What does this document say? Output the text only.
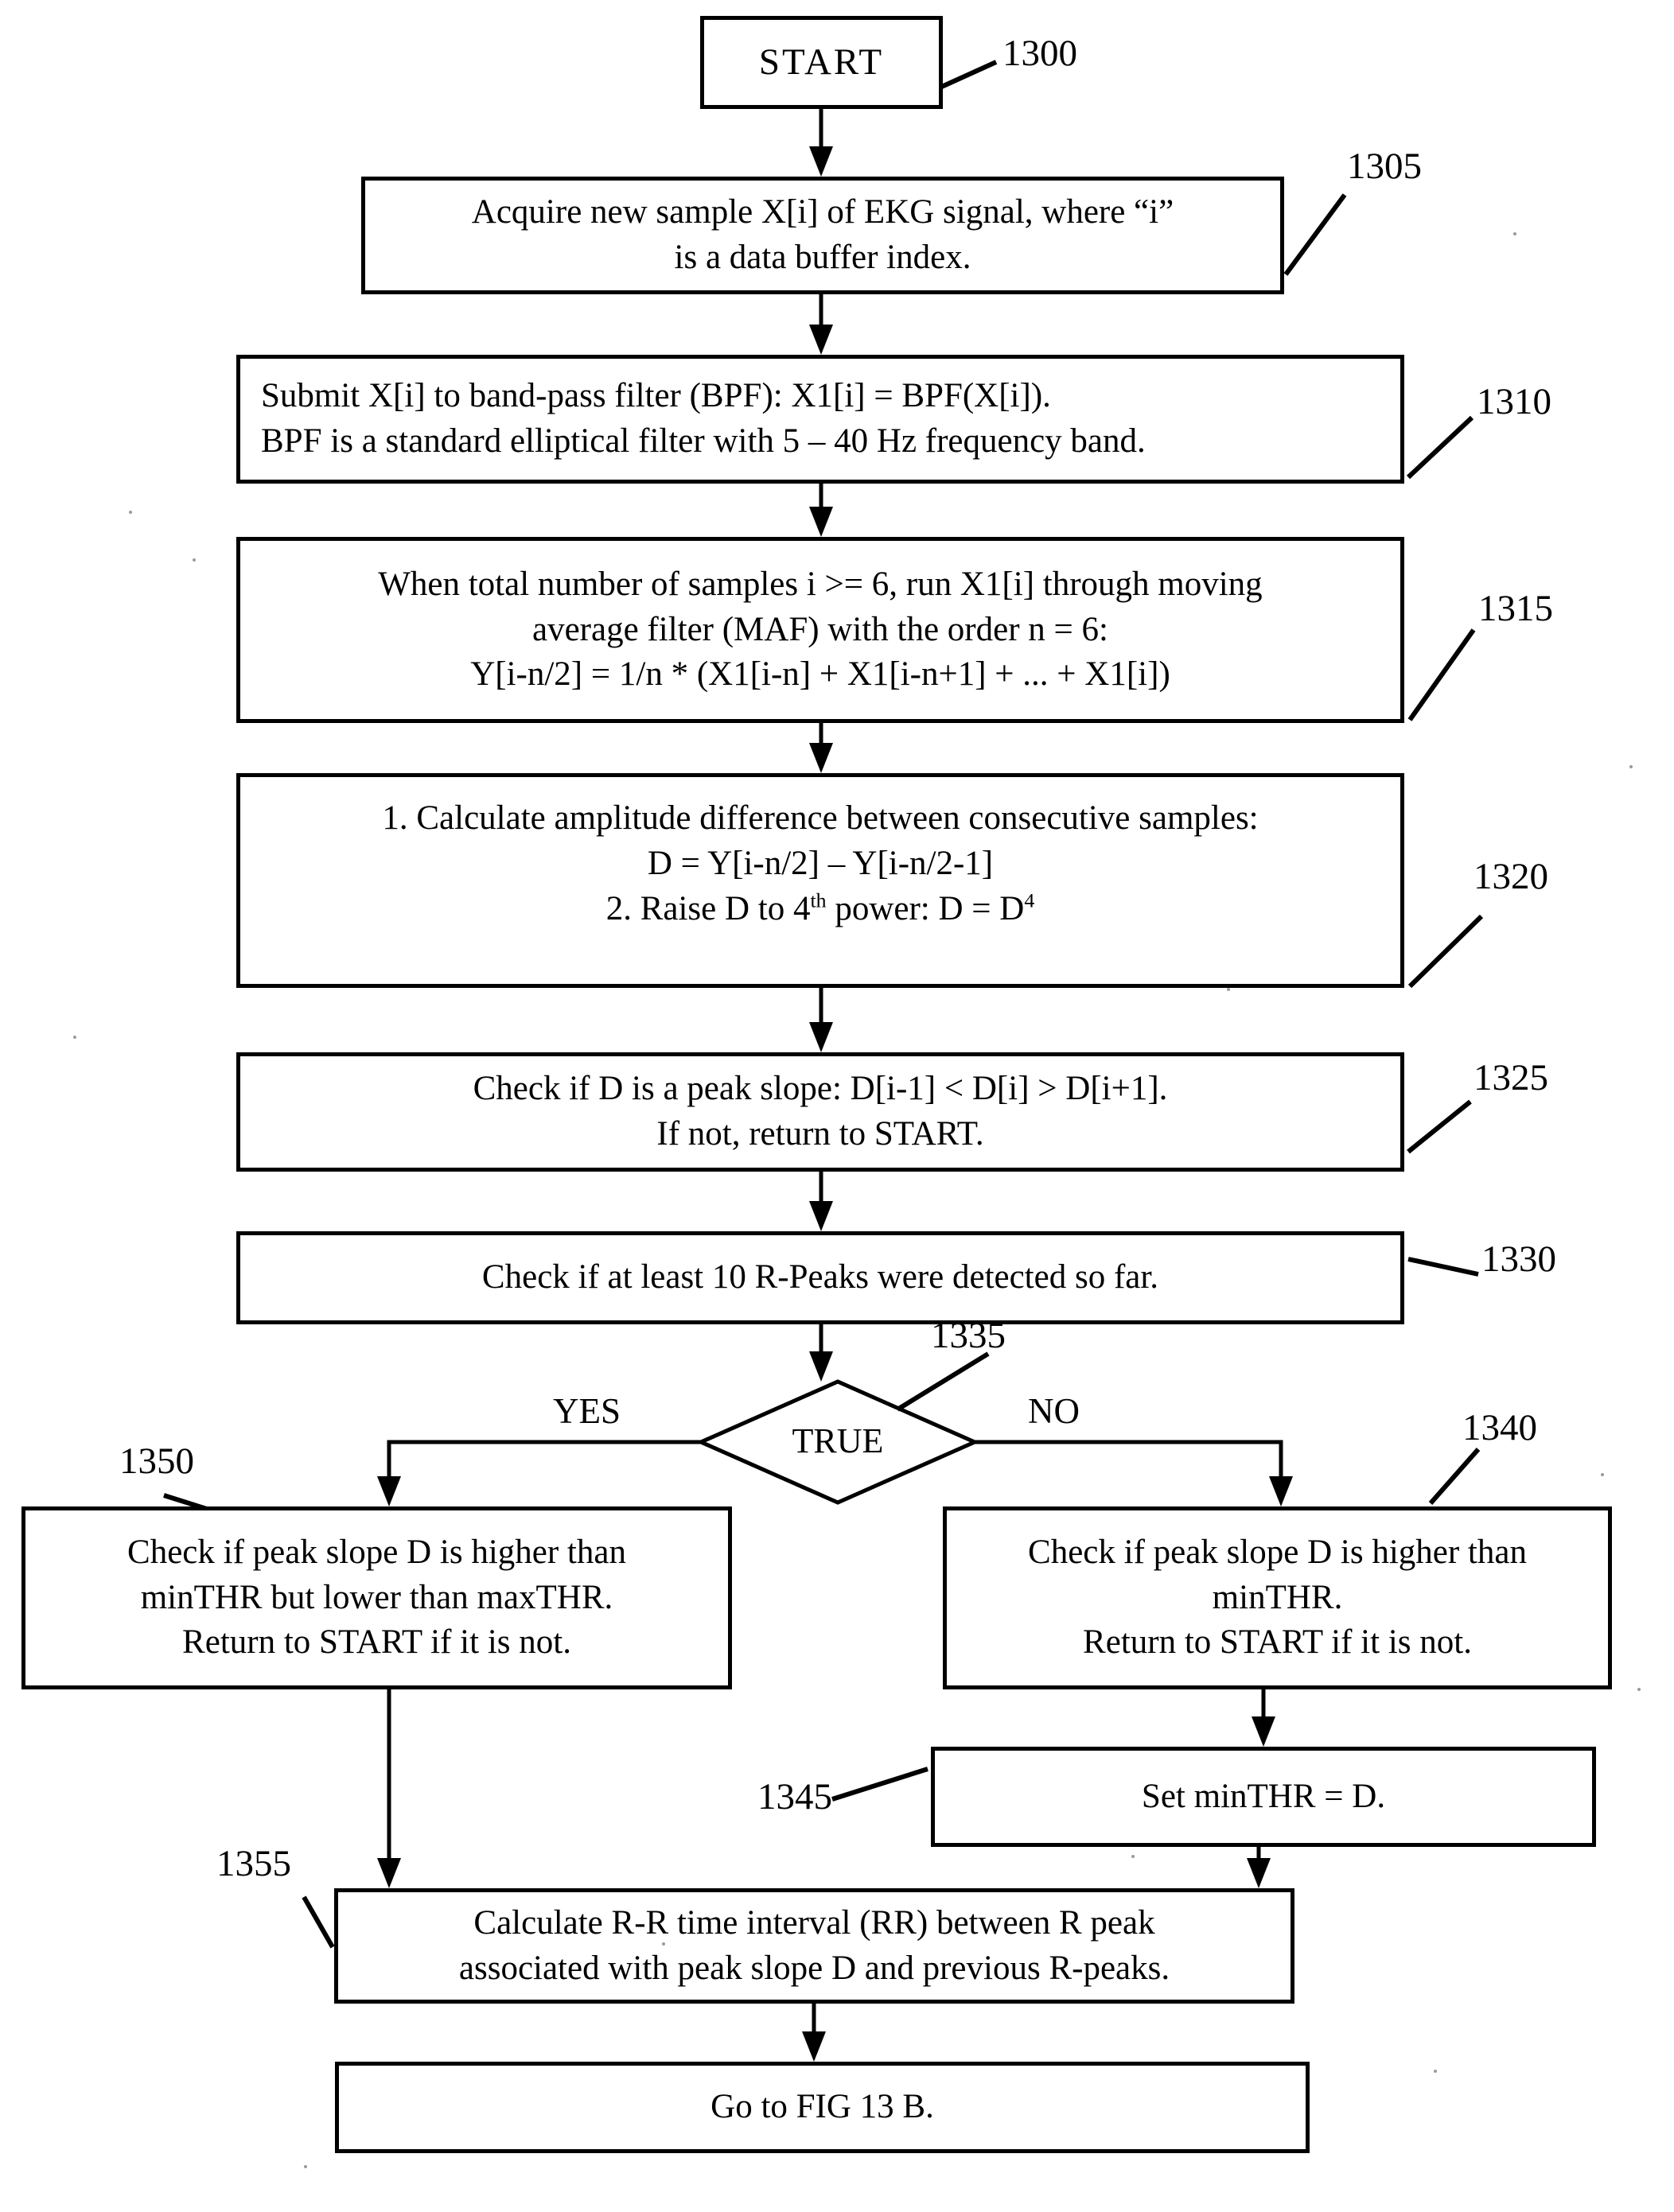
START
Acquire new sample X[i] of EKG signal, where “i”
is a data buffer index.
Submit X[i] to band-pass filter (BPF): X1[i] = BPF(X[i]).
BPF is a standard elliptical filter with 5 – 40 Hz frequency band.
When total number of samples i >= 6, run X1[i] through moving
average filter (MAF) with the order n = 6:
Y[i-n/2] = 1/n * (X1[i-n] + X1[i-n+1] + ... + X1[i])
1. Calculate amplitude difference between consecutive samples:
D = Y[i-n/2] – Y[i-n/2-1]
2. Raise D to 4th power: $D = D^4$
Check if D is a peak slope: D[i-1] < D[i] > D[i+1].
If not, return to START.
Check if at least 10 R-Peaks were detected so far.
TRUE
Check if peak slope D is higher than
minTHR but lower than maxTHR.
Return to START if it is not.
Check if peak slope D is higher than
minTHR.
Return to START if it is not.
Set minTHR = D.
Calculate R-R time interval (RR) between R peak
associated with peak slope D and previous R-peaks.
Go to FIG 13 B.
1300
1305
1310
1315
1320
1325
1330
1335
1350
1340
1345
1355
YES	NO
